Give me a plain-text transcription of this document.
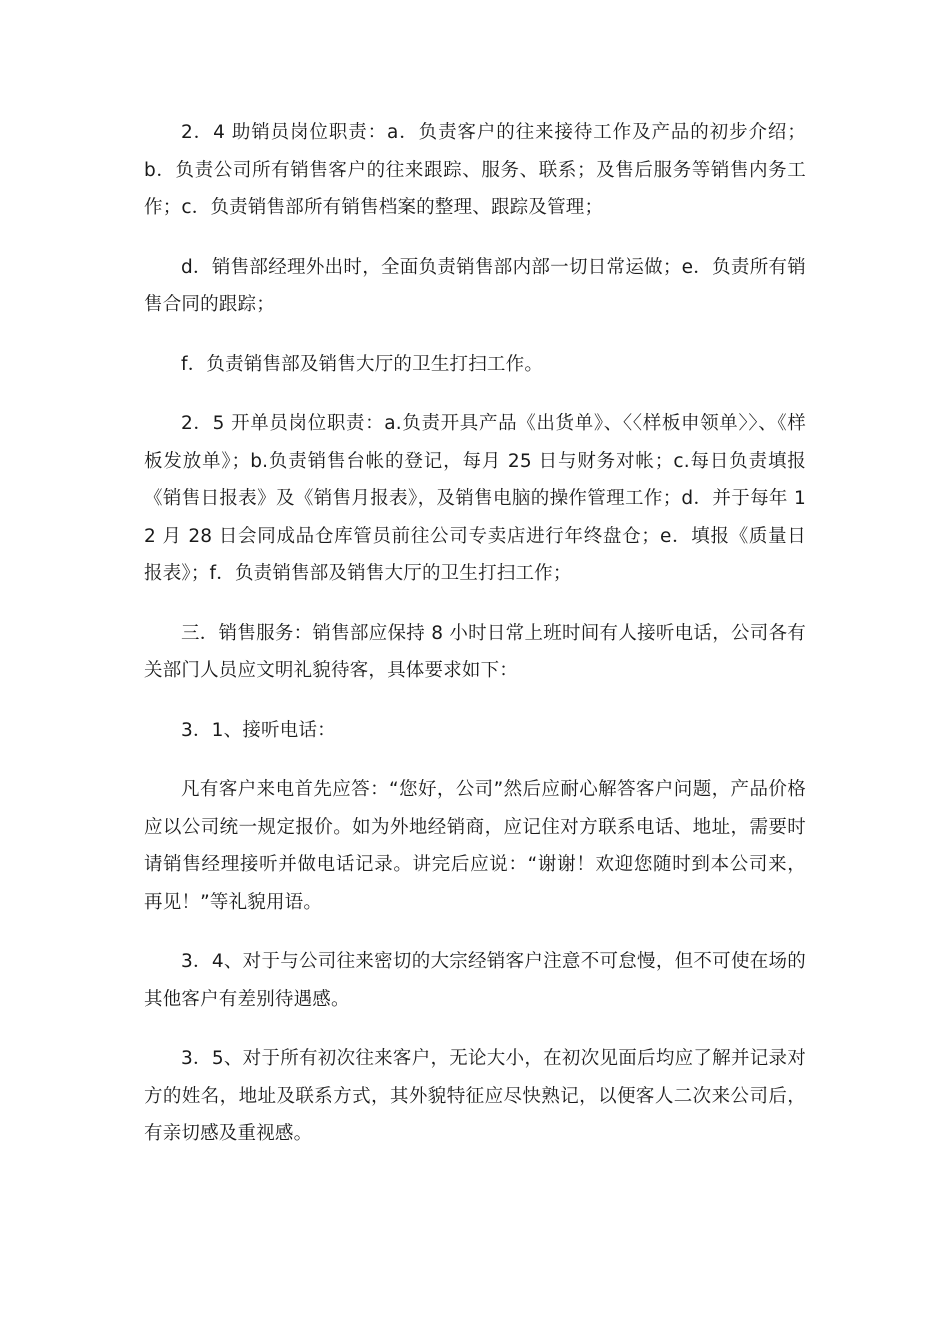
2．4 助销员岗位职责：a．负责客户的往来接待工作及产品的初步介绍；b．负责公司所有销售客户的往来跟踪、服务、联系；及售后服务等销售内务工作；c．负责销售部所有销售档案的整理、跟踪及管理；

d．销售部经理外出时，全面负责销售部内部一切日常运做；e．负责所有销售合同的跟踪；

f．负责销售部及销售大厅的卫生打扫工作。

2．5 开单员岗位职责：a.负责开具产品《出货单》、〈〈样板申领单〉〉、《样板发放单》；b.负责销售台帐的登记，每月 25 日与财务对帐；c.每日负责填报《销售日报表》及《销售月报表》，及销售电脑的操作管理工作；d．并于每年 12 月 28 日会同成品仓库管员前往公司专卖店进行年终盘仓；e．填报《质量日报表》；f．负责销售部及销售大厅的卫生打扫工作；

三．销售服务：销售部应保持 8 小时日常上班时间有人接听电话，公司各有关部门人员应文明礼貌待客，具体要求如下：

3．1、接听电话：

凡有客户来电首先应答：“您好，公司”然后应耐心解答客户问题，产品价格应以公司统一规定报价。如为外地经销商，应记住对方联系电话、地址，需要时请销售经理接听并做电话记录。讲完后应说：“谢谢！欢迎您随时到本公司来，再见！”等礼貌用语。

3．4、对于与公司往来密切的大宗经销客户注意不可怠慢，但不可使在场的其他客户有差别待遇感。

3．5、对于所有初次往来客户，无论大小，在初次见面后均应了解并记录对方的姓名，地址及联系方式，其外貌特征应尽快熟记，以便客人二次来公司后，有亲切感及重视感。
